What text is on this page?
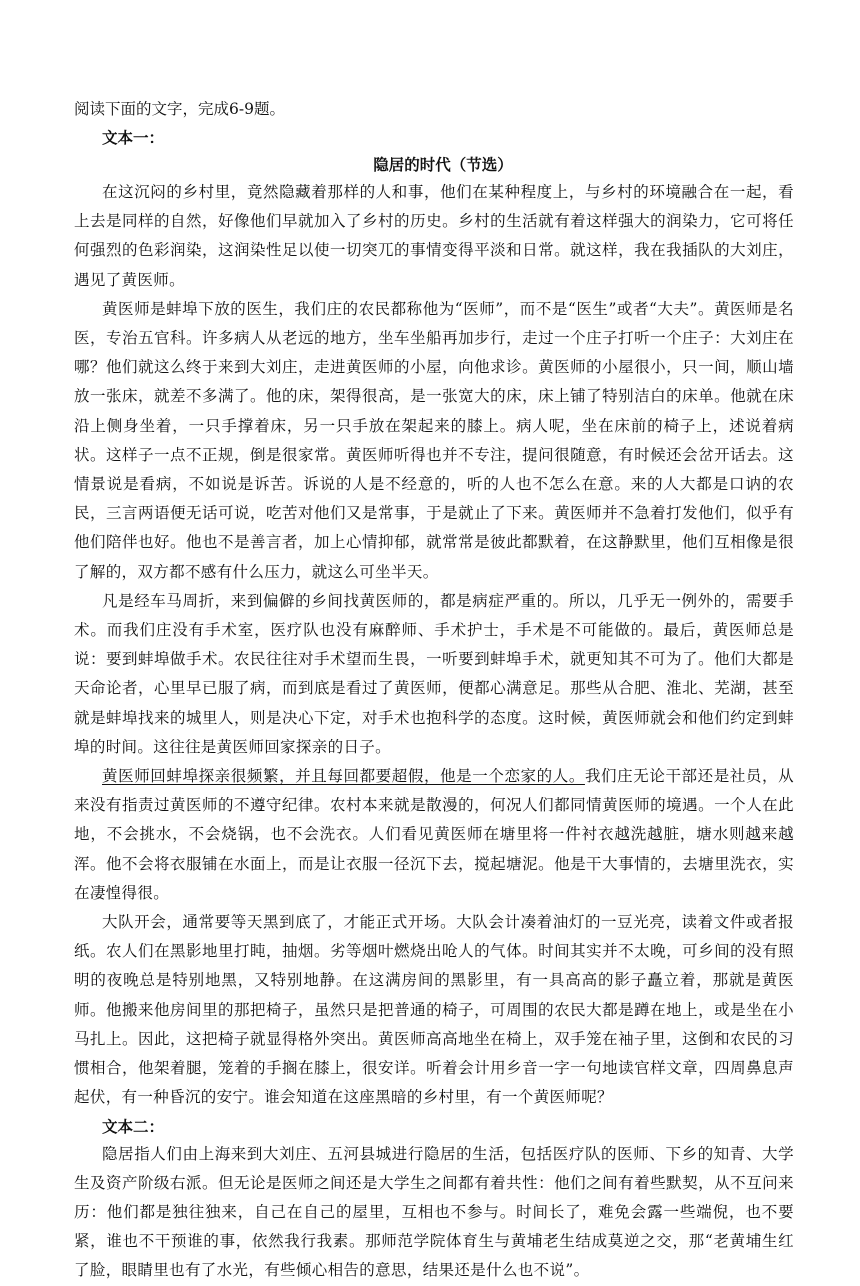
阅读下面的文字，完成6-9题。

文本一：

隐居的时代（节选）

在这沉闷的乡村里，竟然隐藏着那样的人和事，他们在某种程度上，与乡村的环境融合在一起，看上去是同样的自然，好像他们早就加入了乡村的历史。乡村的生活就有着这样强大的润染力，它可将任何强烈的色彩润染，这润染性足以使一切突兀的事情变得平淡和日常。就这样，我在我插队的大刘庄，遇见了黄医师。

黄医师是蚌埠下放的医生，我们庄的农民都称他为“医师”，而不是“医生”或者“大夫”。黄医师是名医，专治五官科。许多病人从老远的地方，坐车坐船再加步行，走过一个庄子打听一个庄子：大刘庄在哪？他们就这么终于来到大刘庄，走进黄医师的小屋，向他求诊。黄医师的小屋很小，只一间，顺山墙放一张床，就差不多满了。他的床，架得很高，是一张宽大的床，床上铺了特别洁白的床单。他就在床沿上侧身坐着，一只手撑着床，另一只手放在架起来的膝上。病人呢，坐在床前的椅子上，述说着病状。这样子一点不正规，倒是很家常。黄医师听得也并不专注，提问很随意，有时候还会岔开话去。这情景说是看病，不如说是诉苦。诉说的人是不经意的，听的人也不怎么在意。来的人大都是口讷的农民，三言两语便无话可说，吃苦对他们又是常事，于是就止了下来。黄医师并不急着打发他们，似乎有他们陪伴也好。他也不是善言者，加上心情抑郁，就常常是彼此都默着，在这静默里，他们互相像是很了解的，双方都不感有什么压力，就这么可坐半天。

凡是经车马周折，来到偏僻的乡间找黄医师的，都是病症严重的。所以，几乎无一例外的，需要手术。而我们庄没有手术室，医疗队也没有麻醉师、手术护士，手术是不可能做的。最后，黄医师总是说：要到蚌埠做手术。农民往往对手术望而生畏，一听要到蚌埠手术，就更知其不可为了。他们大都是天命论者，心里早已服了病，而到底是看过了黄医师，便都心满意足。那些从合肥、淮北、芜湖，甚至就是蚌埠找来的城里人，则是决心下定，对手术也抱科学的态度。这时候，黄医师就会和他们约定到蚌埠的时间。这往往是黄医师回家探亲的日子。

黄医师回蚌埠探亲很频繁，并且每回都要超假，他是一个恋家的人。我们庄无论干部还是社员，从来没有指责过黄医师的不遵守纪律。农村本来就是散漫的，何况人们都同情黄医师的境遇。一个人在此地，不会挑水，不会烧锅，也不会洗衣。人们看见黄医师在塘里将一件衬衣越洗越脏，塘水则越来越浑。他不会将衣服铺在水面上，而是让衣服一径沉下去，搅起塘泥。他是干大事情的，去塘里洗衣，实在凄惶得很。

大队开会，通常要等天黑到底了，才能正式开场。大队会计凑着油灯的一豆光亮，读着文件或者报纸。农人们在黑影地里打盹，抽烟。劣等烟叶燃烧出呛人的气体。时间其实并不太晚，可乡间的没有照明的夜晚总是特别地黑，又特别地静。在这满房间的黑影里，有一具高高的影子矗立着，那就是黄医师。他搬来他房间里的那把椅子，虽然只是把普通的椅子，可周围的农民大都是蹲在地上，或是坐在小马扎上。因此，这把椅子就显得格外突出。黄医师高高地坐在椅上，双手笼在袖子里，这倒和农民的习惯相合，他架着腿，笼着的手搁在膝上，很安详。听着会计用乡音一字一句地读官样文章，四周鼻息声起伏，有一种昏沉的安宁。谁会知道在这座黑暗的乡村里，有一个黄医师呢？

文本二：

隐居指人们由上海来到大刘庄、五河县城进行隐居的生活，包括医疗队的医师、下乡的知青、大学生及资产阶级右派。但无论是医师之间还是大学生之间都有着共性：他们之间有着些默契，从不互问来历：他们都是独往独来，自己在自己的屋里，互相也不参与。时间长了，难免会露一些端倪，也不要紧，谁也不干预谁的事，依然我行我素。那师范学院体育生与黄埔老生结成莫逆之交，那“老黄埔生红了脸，眼睛里也有了水光，有些倾心相告的意思，结果还是什么也不说”。
